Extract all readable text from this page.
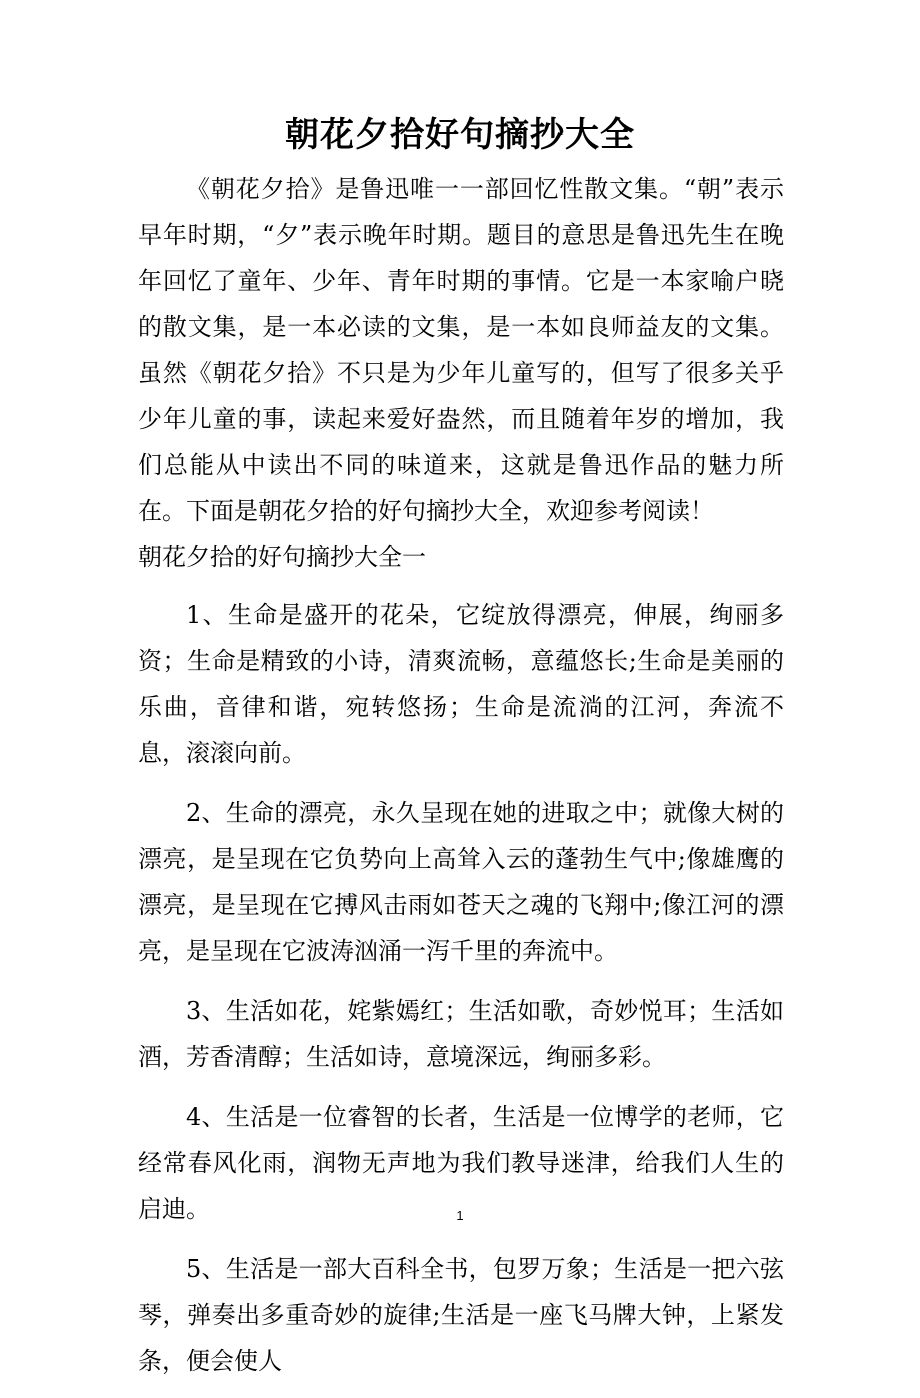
朝花夕拾好句摘抄大全

《朝花夕拾》是鲁迅唯一一部回忆性散文集。“朝”表示早年时期，“夕”表示晚年时期。题目的意思是鲁迅先生在晚年回忆了童年、少年、青年时期的事情。它是一本家喻户晓的散文集，是一本必读的文集，是一本如良师益友的文集。虽然《朝花夕拾》不只是为少年儿童写的，但写了很多关乎少年儿童的事，读起来爱好盎然，而且随着年岁的增加，我们总能从中读出不同的味道来，这就是鲁迅作品的魅力所在。下面是朝花夕拾的好句摘抄大全，欢迎参考阅读！

朝花夕拾的好句摘抄大全一

1、生命是盛开的花朵，它绽放得漂亮，伸展，绚丽多资；生命是精致的小诗，清爽流畅，意蕴悠长;生命是美丽的乐曲，音律和谐，宛转悠扬；生命是流淌的江河，奔流不息，滚滚向前。

2、生命的漂亮，永久呈现在她的进取之中；就像大树的漂亮，是呈现在它负势向上高耸入云的蓬勃生气中;像雄鹰的漂亮，是呈现在它搏风击雨如苍天之魂的飞翔中;像江河的漂亮，是呈现在它波涛汹涌一泻千里的奔流中。

3、生活如花，姹紫嫣红；生活如歌，奇妙悦耳；生活如酒，芳香清醇；生活如诗，意境深远，绚丽多彩。

4、生活是一位睿智的长者，生活是一位博学的老师，它经常春风化雨，润物无声地为我们教导迷津，给我们人生的启迪。

5、生活是一部大百科全书，包罗万象；生活是一把六弦琴，弹奏出多重奇妙的旋律;生活是一座飞马牌大钟，上紧发条，便会使人

1
